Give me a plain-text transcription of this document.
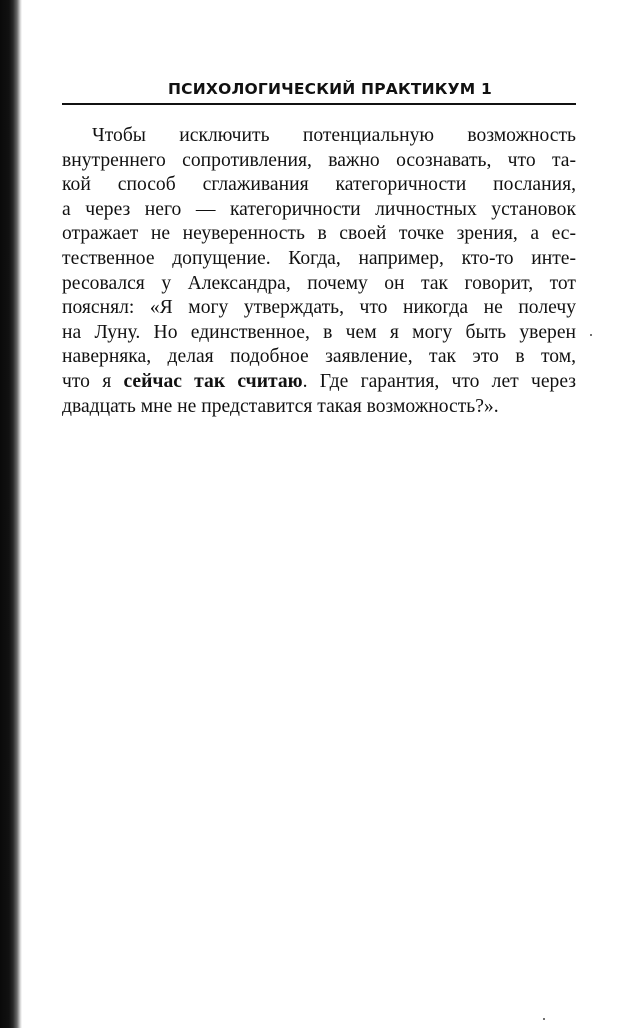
ПСИХОЛОГИЧЕСКИЙ ПРАКТИКУМ 1
Чтобы исключить потенциальную возможность
внутреннего сопротивления, важно осознавать, что та-
кой способ сглаживания категоричности послания,
а через него — категоричности личностных установок
отражает не неуверенность в своей точке зрения, а ес-
тественное допущение. Когда, например, кто-то инте-
ресовался у Александра, почему он так говорит, тот
пояснял: «Я могу утверждать, что никогда не полечу
на Луну. Но единственное, в чем я могу быть уверен
наверняка, делая подобное заявление, так это в том,
что я сейчас так считаю. Где гарантия, что лет через
двадцать мне не представится такая возможность?».
